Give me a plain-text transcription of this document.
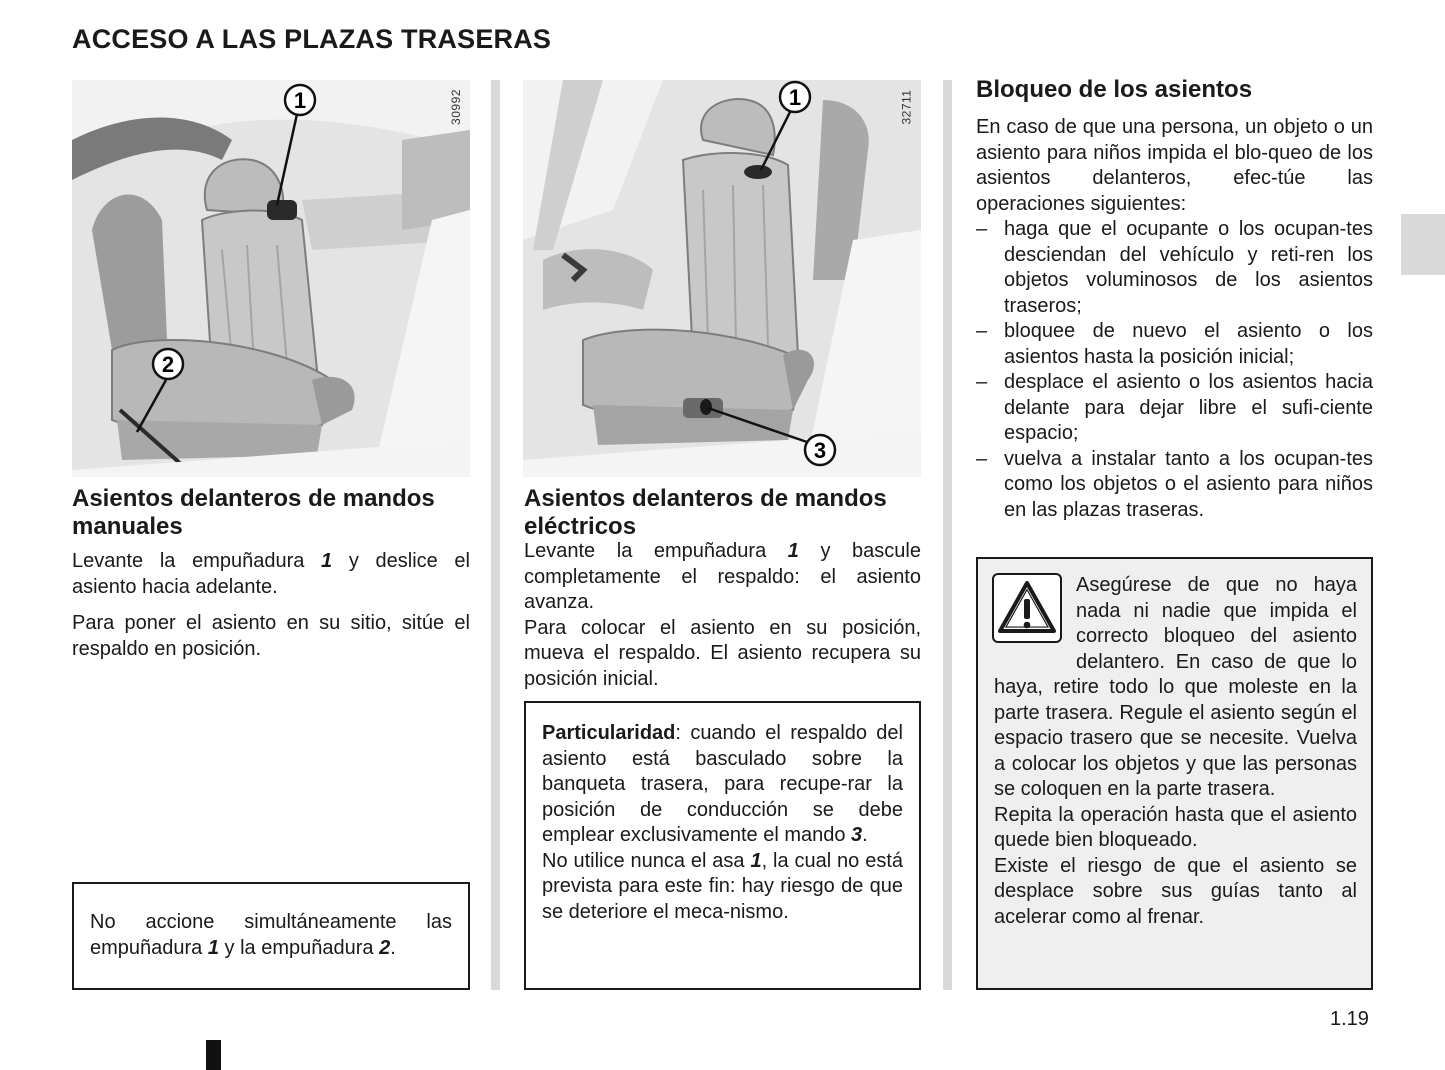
ACCESO A LAS PLAZAS TRASERAS
1
2
30992
Asientos delanteros de mandos manuales

Levante la empuñadura 1 y deslice el asiento hacia adelante.

Para poner el asiento en su sitio, sitúe el respaldo en posición.

No accione simultáneamente las empuñadura 1 y la empuñadura 2.

1
3
32711
Asientos delanteros de mandos eléctricos

Levante la empuñadura 1 y bascule completamente el respaldo: el asiento avanza.

Para colocar el asiento en su posición, mueva el respaldo. El asiento recupera su posición inicial.

Particularidad: cuando el respaldo del asiento está basculado sobre la banqueta trasera, para recupe-rar la posición de conducción se debe emplear exclusivamente el mando 3.

No utilice nunca el asa 1, la cual no está prevista para este fin: hay riesgo de que se deteriore el meca-nismo.

Bloqueo de los asientos

En caso de que una persona, un objeto o un asiento para niños impida el blo-queo de los asientos delanteros, efec-túe las operaciones siguientes:

– haga que el ocupante o los ocupan-tes desciendan del vehículo y reti-ren los objetos voluminosos de los asientos traseros;
– bloquee de nuevo el asiento o los asientos hasta la posición inicial;
– desplace el asiento o los asientos hacia delante para dejar libre el sufi-ciente espacio;
– vuelva a instalar tanto a los ocupan-tes como los objetos o el asiento para niños en las plazas traseras.

Asegúrese de que no haya nada ni nadie que impida el correcto bloqueo del asiento delantero. En caso de que lo haya, retire todo lo que moleste en la parte trasera. Regule el asiento según el espacio trasero que se necesite. Vuelva a colocar los objetos y que las personas se coloquen en la parte trasera.

Repita la operación hasta que el asiento quede bien bloqueado.

Existe el riesgo de que el asiento se desplace sobre sus guías tanto al acelerar como al frenar.

1.19
